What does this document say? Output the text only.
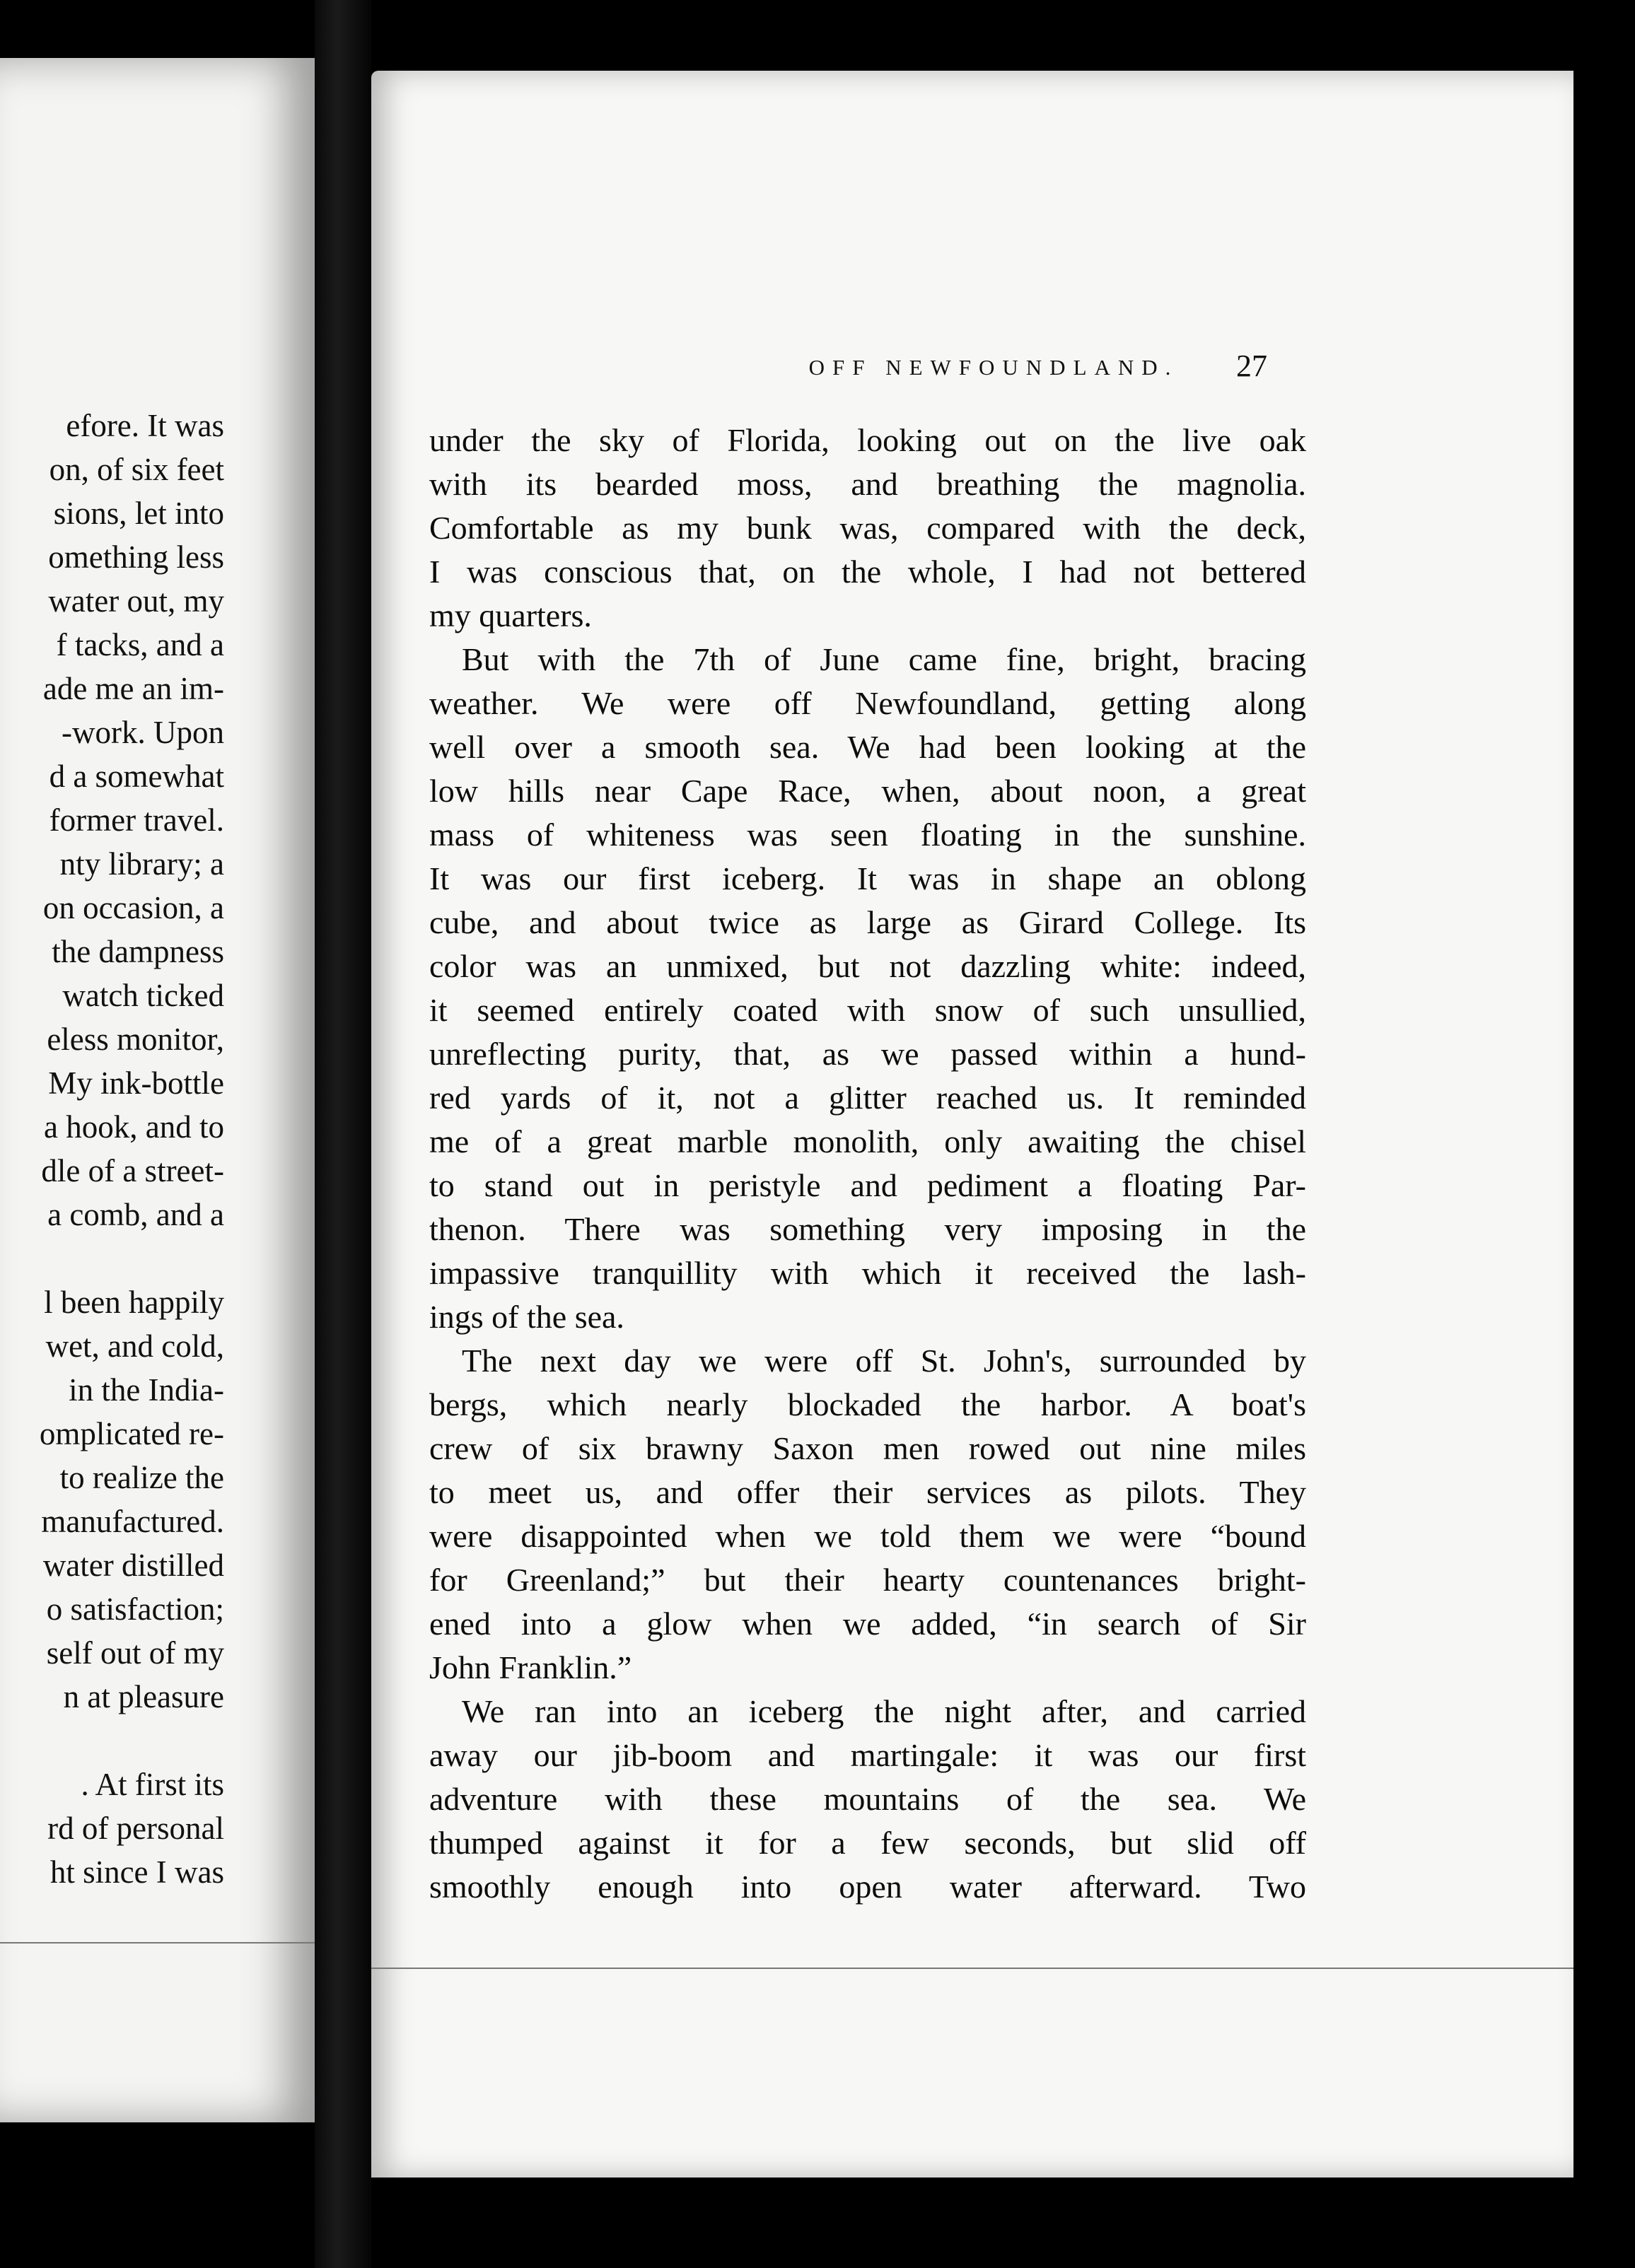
efore. It was
on, of six feet
sions, let into
omething less
water out, my
f tacks, and a
ade me an im-
-work. Upon
d a somewhat
former travel.
nty library; a
on occasion, a
the dampness
watch ticked
eless monitor,
My ink-bottle
a hook, and to
dle of a street-
a comb, and a
l been happily
wet, and cold,
in the India-
omplicated re-
to realize the
manufactured.
water distilled
o satisfaction;
self out of my
n at pleasure
. At first its
rd of personal
ht since I was
OFF NEWFOUNDLAND.	27
under the sky of Florida, looking out on the live oak
with its bearded moss, and breathing the magnolia.
Comfortable as my bunk was, compared with the deck,
I was conscious that, on the whole, I had not bettered
my quarters.
But with the 7th of June came fine, bright, bracing
weather. We were off Newfoundland, getting along
well over a smooth sea. We had been looking at the
low hills near Cape Race, when, about noon, a great
mass of whiteness was seen floating in the sunshine.
It was our first iceberg. It was in shape an oblong
cube, and about twice as large as Girard College. Its
color was an unmixed, but not dazzling white: indeed,
it seemed entirely coated with snow of such unsullied,
unreflecting purity, that, as we passed within a hund-
red yards of it, not a glitter reached us. It reminded
me of a great marble monolith, only awaiting the chisel
to stand out in peristyle and pediment a floating Par-
thenon. There was something very imposing in the
impassive tranquillity with which it received the lash-
ings of the sea.
The next day we were off St. John's, surrounded by
bergs, which nearly blockaded the harbor. A boat's
crew of six brawny Saxon men rowed out nine miles
to meet us, and offer their services as pilots. They
were disappointed when we told them we were “bound
for Greenland;” but their hearty countenances bright-
ened into a glow when we added, “in search of Sir
John Franklin.”
We ran into an iceberg the night after, and carried
away our jib-boom and martingale: it was our first
adventure with these mountains of the sea. We
thumped against it for a few seconds, but slid off
smoothly enough into open water afterward. Two
